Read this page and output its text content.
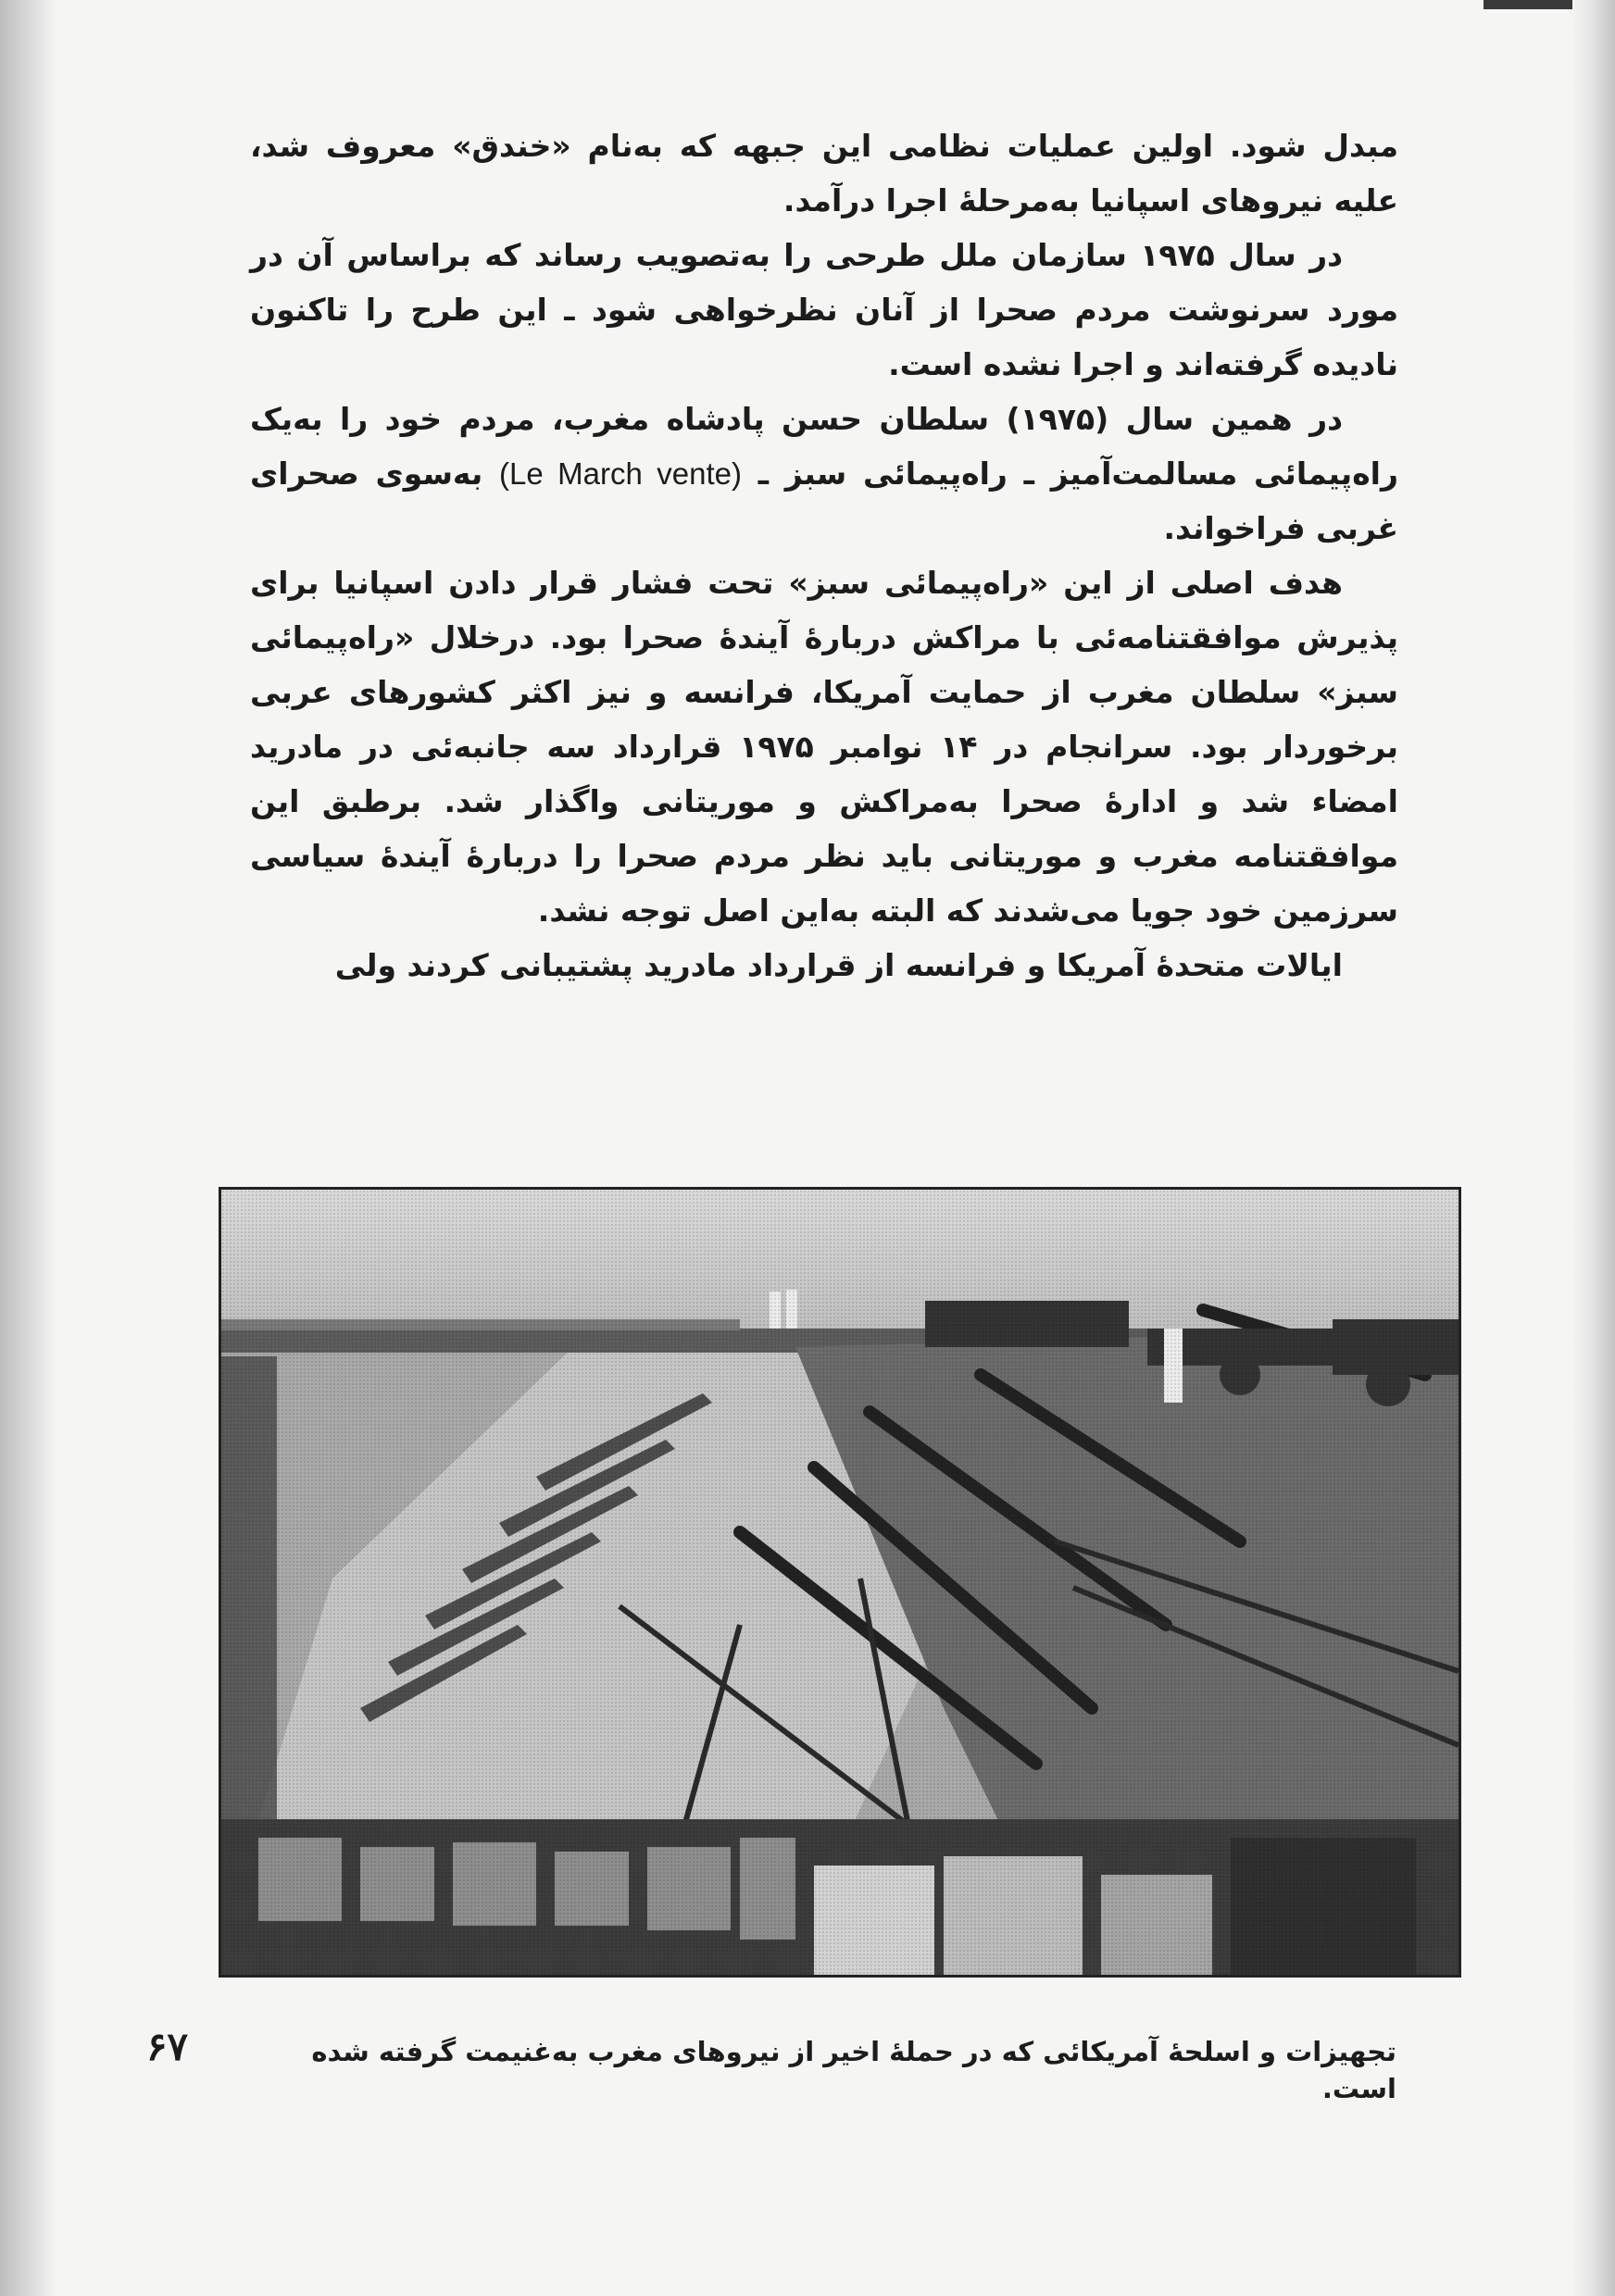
مبدل شود. اولین عملیات نظامی این جبهه که به‌نام «خندق» معروف شد، علیه نیروهای اسپانیا به‌مرحلهٔ اجرا درآمد.

در سال ۱۹۷۵ سازمان ملل طرحی را به‌تصویب رساند که براساس آن در مورد سرنوشت مردم صحرا از آنان نظرخواهی شود ـ این طرح را تاکنون نادیده گرفته‌اند و اجرا نشده است.

در همین سال (۱۹۷۵) سلطان حسن پادشاه مغرب، مردم خود را به‌یک راه‌پیمائی مسالمت‌آمیز ـ راه‌پیمائی سبز ـ (Le March vente) به‌سوی صحرای غربی فراخواند.

هدف اصلی از این «راه‌پیمائی سبز» تحت فشار قرار دادن اسپانیا برای پذیرش موافقتنامه‌ئی با مراکش دربارهٔ آیندهٔ صحرا بود. درخلال «راه‌پیمائی سبز» سلطان مغرب از حمایت آمریکا، فرانسه و نیز اکثر کشورهای عربی برخوردار بود. سرانجام در ۱۴ نوامبر ۱۹۷۵ قرارداد سه جانبه‌ئی در مادرید امضاء شد و ادارهٔ صحرا به‌مراکش و موریتانی واگذار شد. برطبق این موافقتنامه مغرب و موریتانی باید نظر مردم صحرا را دربارهٔ آیندهٔ سیاسی سرزمین خود جویا می‌شدند که البته به‌این اصل توجه نشد.

ایالات متحدهٔ آمریکا و فرانسه از قرارداد مادرید پشتیبانی کردند ولی

تجهیزات و اسلحهٔ آمریکائی که در حملهٔ اخیر از نیروهای مغرب به‌غنیمت گرفته شده است.
۶۷
